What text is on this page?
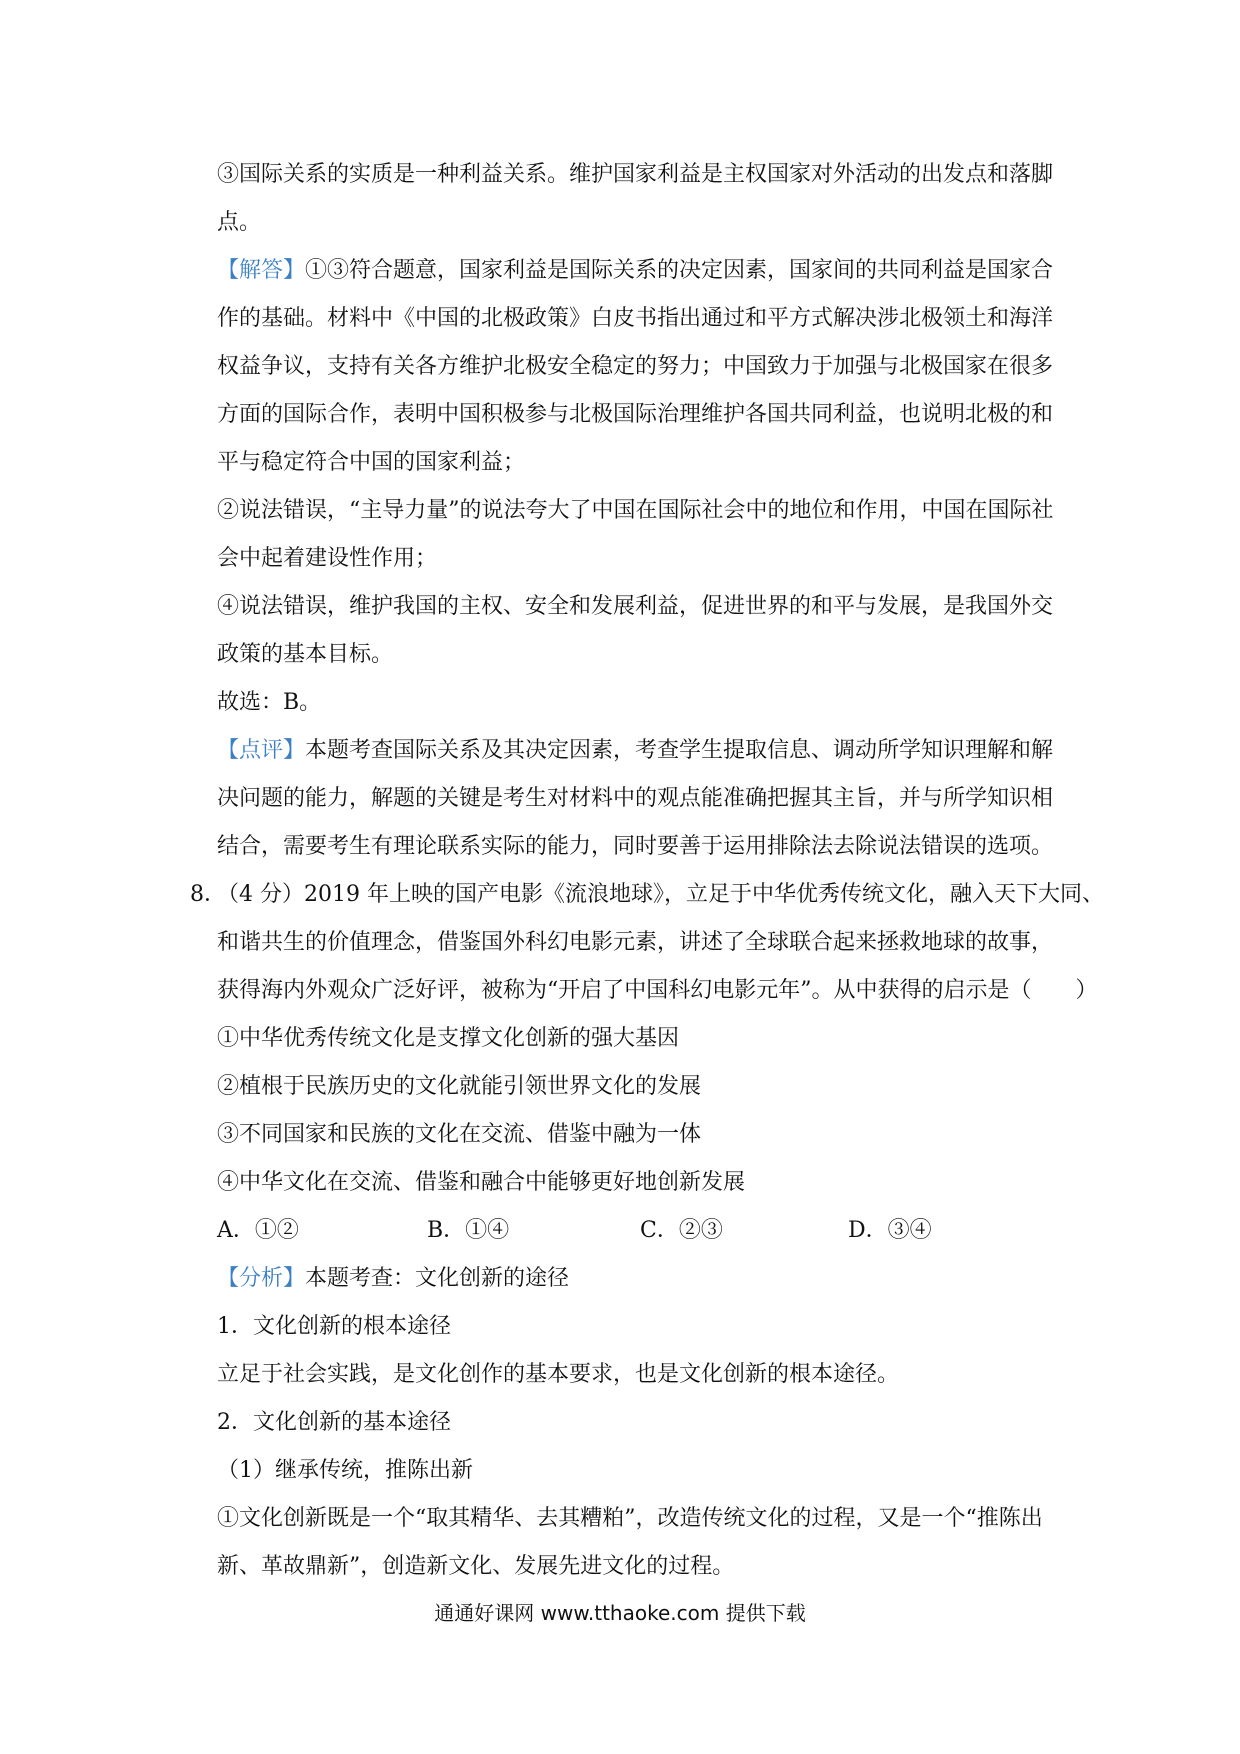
③国际关系的实质是一种利益关系。维护国家利益是主权国家对外活动的出发点和落脚
点。
【解答】①③符合题意，国家利益是国际关系的决定因素，国家间的共同利益是国家合
作的基础。材料中《中国的北极政策》白皮书指出通过和平方式解决涉北极领土和海洋
权益争议，支持有关各方维护北极安全稳定的努力；中国致力于加强与北极国家在很多
方面的国际合作，表明中国积极参与北极国际治理维护各国共同利益，也说明北极的和
平与稳定符合中国的国家利益；
②说法错误，“主导力量”的说法夸大了中国在国际社会中的地位和作用，中国在国际社
会中起着建设性作用；
④说法错误，维护我国的主权、安全和发展利益，促进世界的和平与发展，是我国外交
政策的基本目标。
故选：B。
【点评】本题考查国际关系及其决定因素，考查学生提取信息、调动所学知识理解和解
决问题的能力，解题的关键是考生对材料中的观点能准确把握其主旨，并与所学知识相
结合，需要考生有理论联系实际的能力，同时要善于运用排除法去除说法错误的选项。
8．
（4 分）2019 年上映的国产电影《流浪地球》，立足于中华优秀传统文化，融入天下大同、
和谐共生的价值理念，借鉴国外科幻电影元素，讲述了全球联合起来拯救地球的故事，
获得海内外观众广泛好评，被称为“开启了中国科幻电影元年”。从中获得的启示是（　　）
①中华优秀传统文化是支撑文化创新的强大基因
②植根于民族历史的文化就能引领世界文化的发展
③不同国家和民族的文化在交流、借鉴中融为一体
④中华文化在交流、借鉴和融合中能够更好地创新发展
A．①②	B．①④	C．②③	D．③④
【分析】本题考查：文化创新的途径
1．文化创新的根本途径
立足于社会实践，是文化创作的基本要求，也是文化创新的根本途径。
2．文化创新的基本途径
（1）继承传统，推陈出新
①文化创新既是一个“取其精华、去其糟粕”，改造传统文化的过程，又是一个“推陈出
新、革故鼎新”，创造新文化、发展先进文化的过程。
通通好课网 www.tthaoke.com 提供下载
